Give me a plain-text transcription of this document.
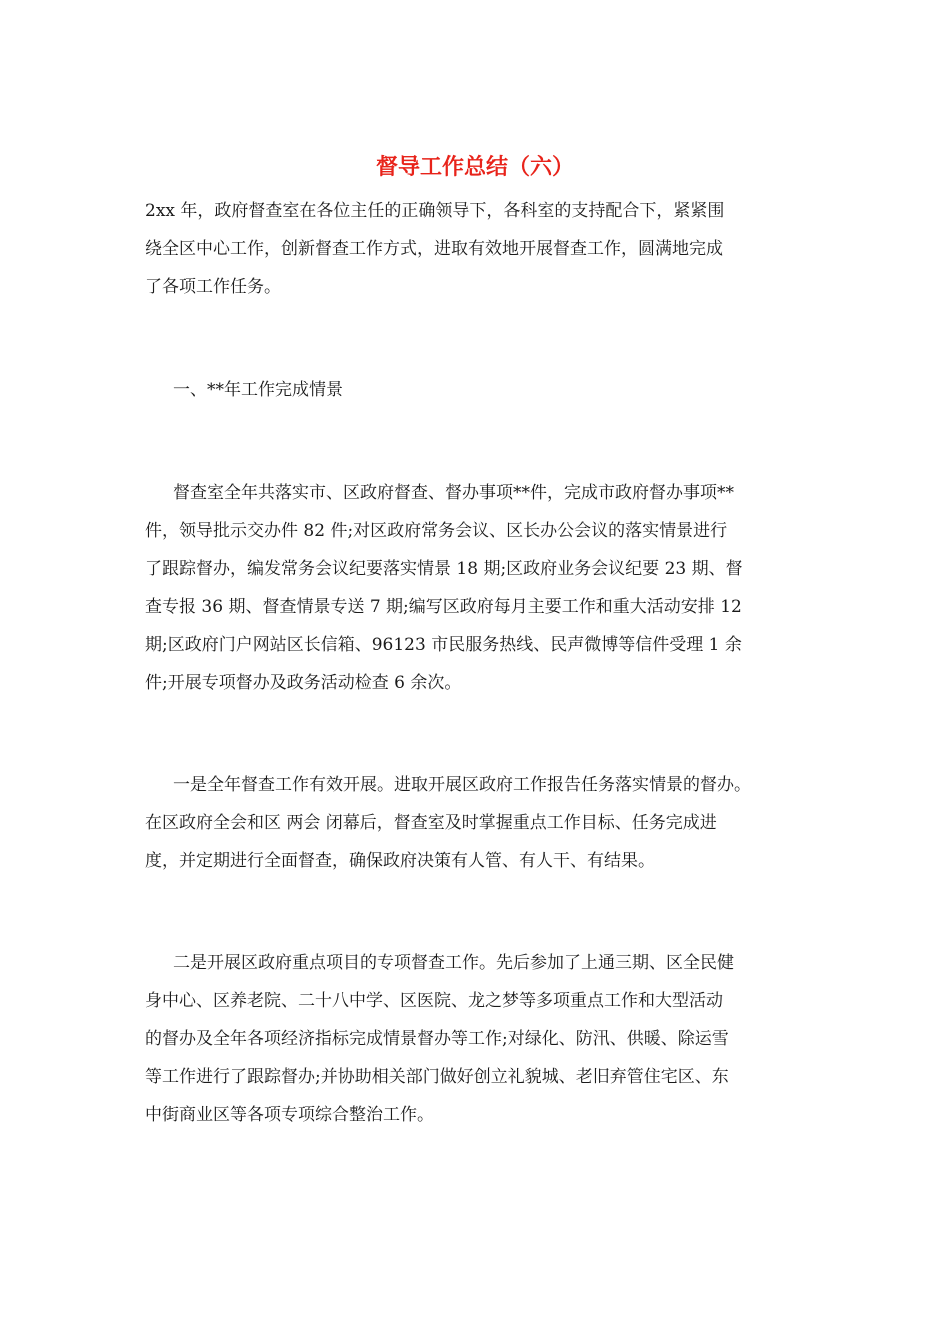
督导工作总结（六）

2xx 年，政府督查室在各位主任的正确领导下，各科室的支持配合下，紧紧围

绕全区中心工作，创新督查工作方式，进取有效地开展督查工作，圆满地完成

了各项工作任务。

一、**年工作完成情景

督查室全年共落实市、区政府督查、督办事项**件，完成市政府督办事项**

件，领导批示交办件 82 件;对区政府常务会议、区长办公会议的落实情景进行

了跟踪督办，编发常务会议纪要落实情景 18 期;区政府业务会议纪要 23 期、督

查专报 36 期、督查情景专送 7 期;编写区政府每月主要工作和重大活动安排 12

期;区政府门户网站区长信箱、96123 市民服务热线、民声微博等信件受理 1 余

件;开展专项督办及政务活动检查 6 余次。

一是全年督查工作有效开展。进取开展区政府工作报告任务落实情景的督办。

在区政府全会和区 两会 闭幕后，督查室及时掌握重点工作目标、任务完成进

度，并定期进行全面督查，确保政府决策有人管、有人干、有结果。

二是开展区政府重点项目的专项督查工作。先后参加了上通三期、区全民健

身中心、区养老院、二十八中学、区医院、龙之梦等多项重点工作和大型活动

的督办及全年各项经济指标完成情景督办等工作;对绿化、防汛、供暖、除运雪

等工作进行了跟踪督办;并协助相关部门做好创立礼貌城、老旧弃管住宅区、东

中街商业区等各项专项综合整治工作。
